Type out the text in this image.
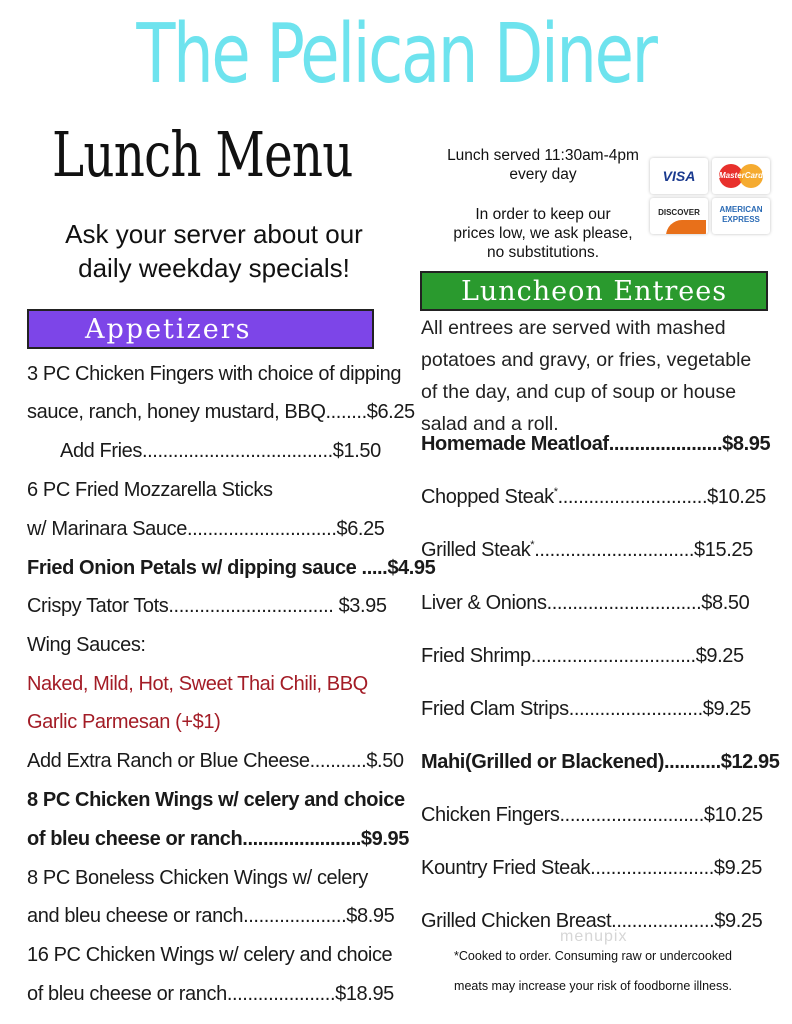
The Pelican Diner
Lunch Menu
Ask your server about our
daily weekday specials!
Lunch served 11:30am-4pm
every day
In order to keep our
prices low, we ask please,
no substitutions.
VISA	MasterCard
DISCOVER	AMERICAN EXPRESS
Appetizers
3 PC Chicken Fingers with choice of dipping
sauce, ranch, honey mustard, BBQ........$6.25
Add Fries.....................................$1.50
6 PC Fried Mozzarella Sticks
w/ Marinara Sauce.............................$6.25
Fried Onion Petals w/ dipping sauce .....$4.95
Crispy Tator Tots................................ $3.95
Wing Sauces:
Naked, Mild, Hot, Sweet Thai Chili, BBQ
Garlic Parmesan (+$1)
Add Extra Ranch or Blue Cheese...........$.50
8 PC Chicken Wings w/ celery and choice
of bleu cheese or ranch.......................$9.95
8 PC Boneless Chicken Wings w/ celery
and bleu cheese or ranch....................$8.95
16 PC Chicken Wings w/ celery and choice
of bleu cheese or ranch.....................$18.95
Luncheon Entrees
All entrees are served with mashed potatoes and gravy, or fries, vegetable of the day, and cup of soup or house salad and a roll.
Homemade Meatloaf......................$8.95
Chopped Steak*.............................$10.25
Grilled Steak*...............................$15.25
Liver & Onions..............................$8.50
Fried Shrimp................................$9.25
Fried Clam Strips..........................$9.25
Mahi(Grilled or Blackened)...........$12.95
Chicken Fingers............................$10.25
Kountry Fried Steak........................$9.25
Grilled Chicken Breast....................$9.25
menupix
*Cooked to order. Consuming raw or undercooked
meats may increase your risk of foodborne illness.
